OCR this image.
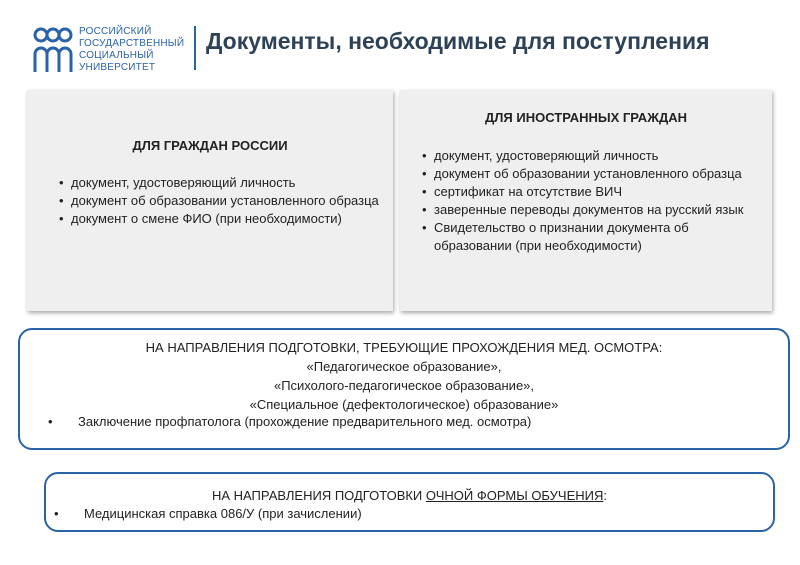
РОССИЙСКИЙ
ГОСУДАРСТВЕННЫЙ
СОЦИАЛЬНЫЙ
УНИВЕРСИТЕТ
Документы, необходимые для поступления
ДЛЯ ГРАЖДАН РОССИИ
• документ, удостоверяющий личность
• документ об образовании установленного образца
• документ о смене ФИО (при необходимости)
ДЛЯ ИНОСТРАННЫХ ГРАЖДАН
• документ, удостоверяющий личность
• документ об образовании установленного образца
• сертификат на отсутствие ВИЧ
• заверенные переводы документов на русский язык
• Свидетельство о признании документа об образовании (при необходимости)

НА НАПРАВЛЕНИЯ ПОДГОТОВКИ, ТРЕБУЮЩИЕ ПРОХОЖДЕНИЯ МЕД. ОСМОТРА:

«Педагогическое образование»,

«Психолого-педагогическое образование»,

«Специальное (дефектологическое) образование»

• Заключение профпатолога (прохождение предварительного мед. осмотра)

НА НАПРАВЛЕНИЯ ПОДГОТОВКИ ОЧНОЙ ФОРМЫ ОБУЧЕНИЯ:

• Медицинская справка 086/У (при зачислении)
